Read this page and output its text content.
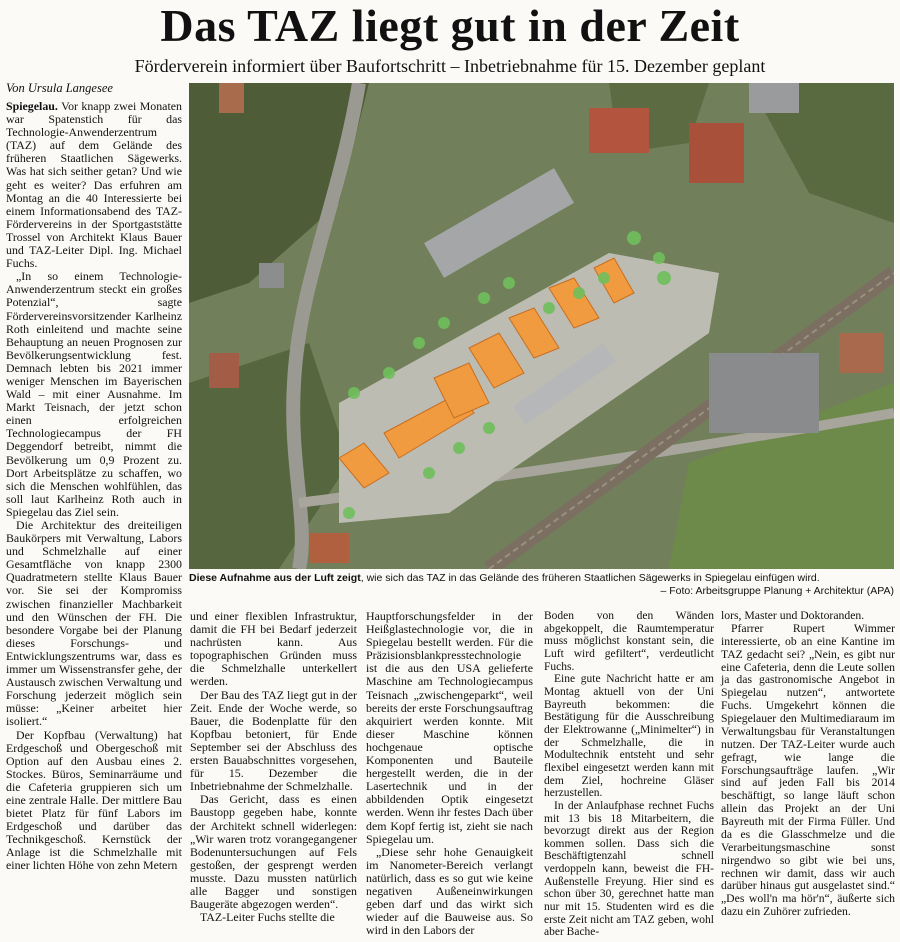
Das TAZ liegt gut in der Zeit
Förderverein informiert über Baufortschritt – Inbetriebnahme für 15. Dezember geplant
Von Ursula Langesee
Diese Aufnahme aus der Luft zeigt, wie sich das TAZ in das Gelände des früheren Staatlichen Sägewerks in Spiegelau einfügen wird.
– Foto: Arbeitsgruppe Planung + Architektur (APA)

Spiegelau. Vor knapp zwei Monaten war Spatenstich für das Technologie-Anwenderzentrum (TAZ) auf dem Gelände des früheren Staatlichen Sägewerks. Was hat sich seither getan? Und wie geht es weiter? Das erfuhren am Montag an die 40 Interessierte bei einem Informationsabend des TAZ-Fördervereins in der Sportgaststätte Trossel von Architekt Klaus Bauer und TAZ-Leiter Dipl. Ing. Michael Fuchs.

„In so einem Technologie-Anwenderzentrum steckt ein großes Potenzial“, sagte Fördervereinsvorsitzender Karlheinz Roth einleitend und machte seine Behauptung an neuen Prognosen zur Bevölkerungsentwicklung fest. Demnach lebten bis 2021 immer weniger Menschen im Bayerischen Wald – mit einer Ausnahme. Im Markt Teisnach, der jetzt schon einen erfolgreichen Technologiecampus der FH Deggendorf betreibt, nimmt die Bevölkerung um 0,9 Prozent zu. Dort Arbeitsplätze zu schaffen, wo sich die Menschen wohlfühlen, das soll laut Karlheinz Roth auch in Spiegelau das Ziel sein.

Die Architektur des dreiteiligen Baukörpers mit Verwaltung, Labors und Schmelzhalle auf einer Gesamtfläche von knapp 2300 Quadratmetern stellte Klaus Bauer vor. Sie sei der Kompromiss zwischen finanzieller Machbarkeit und den Wünschen der FH. Die besondere Vorgabe bei der Planung dieses Forschungs- und Entwicklungszentrums war, dass es immer um Wissenstransfer gehe, der Austausch zwischen Verwaltung und Forschung jederzeit möglich sein müsse: „Keiner arbeitet hier isoliert.“

Der Kopfbau (Verwaltung) hat Erdgeschoß und Obergeschoß mit Option auf den Ausbau eines 2. Stockes. Büros, Seminarräume und die Cafeteria gruppieren sich um eine zentrale Halle. Der mittlere Bau bietet Platz für fünf Labors im Erdgeschoß und darüber das Technikgeschoß. Kernstück der Anlage ist die Schmelzhalle mit einer lichten Höhe von zehn Metern

und einer flexiblen Infrastruktur, damit die FH bei Bedarf jederzeit nachrüsten kann. Aus topographischen Gründen muss die Schmelzhalle unterkellert werden.

Der Bau des TAZ liegt gut in der Zeit. Ende der Woche werde, so Bauer, die Bodenplatte für den Kopfbau betoniert, für Ende September sei der Abschluss des ersten Bauabschnittes vorgesehen, für 15. Dezember die Inbetriebnahme der Schmelzhalle.

Das Gericht, dass es einen Baustopp gegeben habe, konnte der Architekt schnell widerlegen: „Wir waren trotz vorangegangener Bodenuntersuchungen auf Fels gestoßen, der gesprengt werden musste. Dazu mussten natürlich alle Bagger und sonstigen Baugeräte abgezogen werden“.

TAZ-Leiter Fuchs stellte die

Hauptforschungsfelder in der Heißglastechnologie vor, die in Spiegelau bestellt werden. Für die Präzisionsblankpresstechnologie ist die aus den USA gelieferte Maschine am Technologiecampus Teisnach „zwischengeparkt“, weil bereits der erste Forschungsauftrag akquiriert werden konnte. Mit dieser Maschine können hochgenaue optische Komponenten und Bauteile hergestellt werden, die in der Lasertechnik und in der abbildenden Optik eingesetzt werden. Wenn ihr festes Dach über dem Kopf fertig ist, zieht sie nach Spiegelau um.

„Diese sehr hohe Genauigkeit im Nanometer-Bereich verlangt natürlich, dass es so gut wie keine negativen Außeneinwirkungen geben darf und das wirkt sich wieder auf die Bauweise aus. So wird in den Labors der

Boden von den Wänden abgekoppelt, die Raumtemperatur muss möglichst konstant sein, die Luft wird gefiltert“, verdeutlicht Fuchs.

Eine gute Nachricht hatte er am Montag aktuell von der Uni Bayreuth bekommen: die Bestätigung für die Ausschreibung der Elektrowanne („Minimelter“) in der Schmelzhalle, die in Modultechnik entsteht und sehr flexibel eingesetzt werden kann mit dem Ziel, hochreine Gläser herzustellen.

In der Anlaufphase rechnet Fuchs mit 13 bis 18 Mitarbeitern, die bevorzugt direkt aus der Region kommen sollen. Dass sich die Beschäftigtenzahl schnell verdoppeln kann, beweist die FH-Außenstelle Freyung. Hier sind es schon über 30, gerechnet hatte man nur mit 15. Studenten wird es die erste Zeit nicht am TAZ geben, wohl aber Bache-

lors, Master und Doktoranden.

Pfarrer Rupert Wimmer interessierte, ob an eine Kantine im TAZ gedacht sei? „Nein, es gibt nur eine Cafeteria, denn die Leute sollen ja das gastronomische Angebot in Spiegelau nutzen“, antwortete Fuchs. Umgekehrt können die Spiegelauer den Multimediaraum im Verwaltungsbau für Veranstaltungen nutzen. Der TAZ-Leiter wurde auch gefragt, wie lange die Forschungsaufträge laufen. „Wir sind auf jeden Fall bis 2014 beschäftigt, so lange läuft schon allein das Projekt an der Uni Bayreuth mit der Firma Füller. Und da es die Glasschmelze und die Verarbeitungsmaschine sonst nirgendwo so gibt wie bei uns, rechnen wir damit, dass wir auch darüber hinaus gut ausgelastet sind.“ „Des woll'n ma hör'n“, äußerte sich dazu ein Zuhörer zufrieden.
